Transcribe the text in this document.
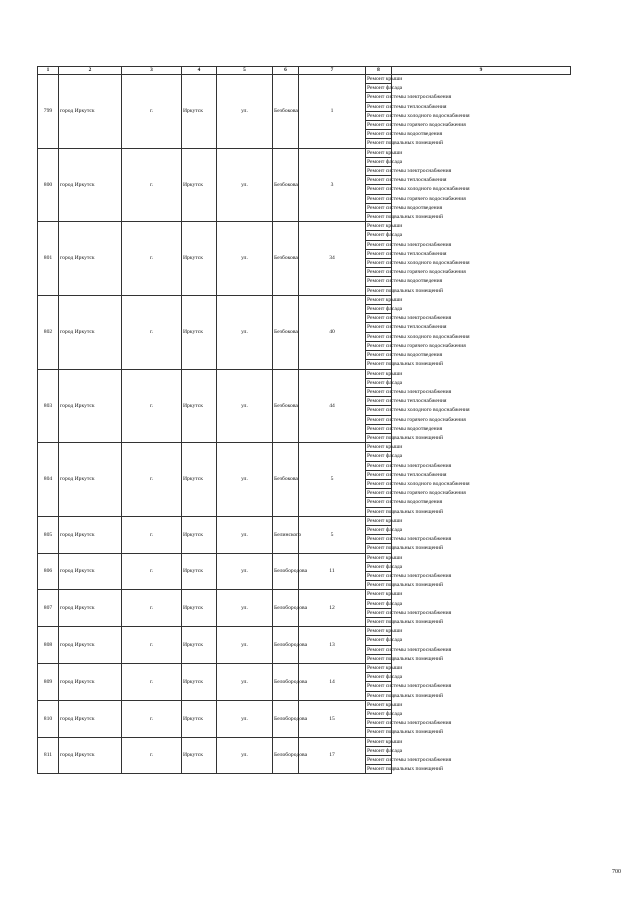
1	2	3	4	5	6	7	8	9
799	город Иркутск	г.	Иркутск	ул.	Безбокова	1	Ремонт крыши	
							Ремонт фасада	
							Ремонт системы электроснабжения	
							Ремонт системы теплоснабжения	
							Ремонт системы холодного водоснабжения	
							Ремонт системы горячего водоснабжения	
							Ремонт системы водоотведения	
							Ремонт подвальных помещений	
800	город Иркутск	г.	Иркутск	ул.	Безбокова	3	Ремонт крыши	
							Ремонт фасада	
							Ремонт системы электроснабжения	
							Ремонт системы теплоснабжения	
							Ремонт системы холодного водоснабжения	
							Ремонт системы горячего водоснабжения	
							Ремонт системы водоотведения	
							Ремонт подвальных помещений	
801	город Иркутск	г.	Иркутск	ул.	Безбокова	34	Ремонт крыши	
							Ремонт фасада	
							Ремонт системы электроснабжения	
							Ремонт системы теплоснабжения	
							Ремонт системы холодного водоснабжения	
							Ремонт системы горячего водоснабжения	
							Ремонт системы водоотведения	
							Ремонт подвальных помещений	
802	город Иркутск	г.	Иркутск	ул.	Безбокова	40	Ремонт крыши	
							Ремонт фасада	
							Ремонт системы электроснабжения	
							Ремонт системы теплоснабжения	
							Ремонт системы холодного водоснабжения	
							Ремонт системы горячего водоснабжения	
							Ремонт системы водоотведения	
							Ремонт подвальных помещений	
803	город Иркутск	г.	Иркутск	ул.	Безбокова	44	Ремонт крыши	
							Ремонт фасада	
							Ремонт системы электроснабжения	
							Ремонт системы теплоснабжения	
							Ремонт системы холодного водоснабжения	
							Ремонт системы горячего водоснабжения	
							Ремонт системы водоотведения	
							Ремонт подвальных помещений	
804	город Иркутск	г.	Иркутск	ул.	Безбокова	5	Ремонт крыши	
							Ремонт фасада	
							Ремонт системы электроснабжения	
							Ремонт системы теплоснабжения	
							Ремонт системы холодного водоснабжения	
							Ремонт системы горячего водоснабжения	
							Ремонт системы водоотведения	
							Ремонт подвальных помещений	
805	город Иркутск	г.	Иркутск	ул.	Белинского	5	Ремонт крыши	
							Ремонт фасада	
							Ремонт системы электроснабжения	
							Ремонт подвальных помещений	
806	город Иркутск	г.	Иркутск	ул.	Белобородова	11	Ремонт крыши	
							Ремонт фасада	
							Ремонт системы электроснабжения	
							Ремонт подвальных помещений	
807	город Иркутск	г.	Иркутск	ул.	Белобородова	12	Ремонт крыши	
							Ремонт фасада	
							Ремонт системы электроснабжения	
							Ремонт подвальных помещений	
808	город Иркутск	г.	Иркутск	ул.	Белобородова	13	Ремонт крыши	
							Ремонт фасада	
							Ремонт системы электроснабжения	
							Ремонт подвальных помещений	
809	город Иркутск	г.	Иркутск	ул.	Белобородова	14	Ремонт крыши	
							Ремонт фасада	
							Ремонт системы электроснабжения	
							Ремонт подвальных помещений	
810	город Иркутск	г.	Иркутск	ул.	Белобородова	15	Ремонт крыши	
							Ремонт фасада	
							Ремонт системы электроснабжения	
							Ремонт подвальных помещений	
811	город Иркутск	г.	Иркутск	ул.	Белобородова	17	Ремонт крыши	
							Ремонт фасада	
							Ремонт системы электроснабжения	
							Ремонт подвальных помещений	
700
